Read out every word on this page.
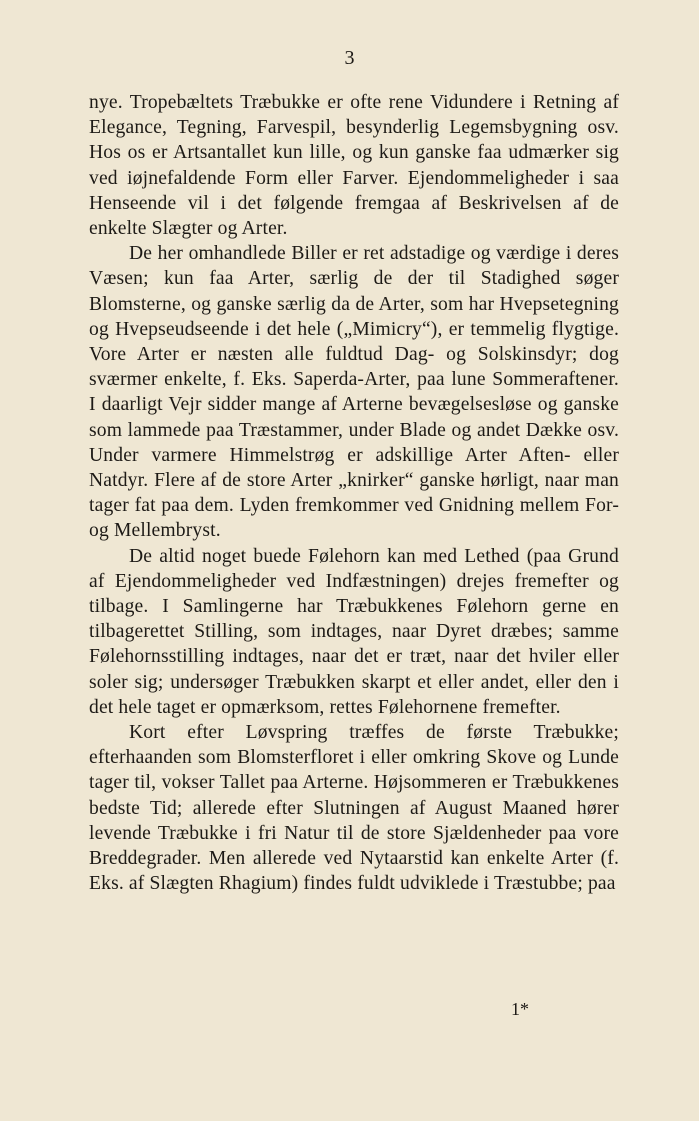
3

nye. Tropebæltets Træbukke er ofte rene Vidundere i Retning af Elegance, Tegning, Farvespil, besynderlig Legemsbygning osv. Hos os er Artsantallet kun lille, og kun ganske faa udmærker sig ved iøjnefaldende Form eller Farver. Ejendommeligheder i saa Henseende vil i det følgende fremgaa af Beskrivelsen af de enkelte Slægter og Arter.

De her omhandlede Biller er ret adstadige og værdige i deres Væsen; kun faa Arter, særlig de der til Stadighed søger Blomsterne, og ganske særlig da de Arter, som har Hvepsetegning og Hvepseudseende i det hele („Mimicry“), er temmelig flygtige. Vore Arter er næsten alle fuldtud Dag- og Solskinsdyr; dog sværmer enkelte, f. Eks. Saperda-Arter, paa lune Sommeraftener. I daarligt Vejr sidder mange af Arterne bevægelsesløse og ganske som lammede paa Træstammer, under Blade og andet Dække osv. Under varmere Himmelstrøg er adskillige Arter Aften- eller Natdyr. Flere af de store Arter „knirker“ ganske hørligt, naar man tager fat paa dem. Lyden fremkommer ved Gnidning mellem For- og Mellembryst.

De altid noget buede Følehorn kan med Lethed (paa Grund af Ejendommeligheder ved Indfæstningen) drejes fremefter og tilbage. I Samlingerne har Træbukkenes Følehorn gerne en tilbagerettet Stilling, som indtages, naar Dyret dræbes; samme Følehornsstilling indtages, naar det er træt, naar det hviler eller soler sig; undersøger Træbukken skarpt et eller andet, eller den i det hele taget er opmærksom, rettes Følehornene fremefter.

Kort efter Løvspring træffes de første Træbukke; efterhaanden som Blomsterfloret i eller omkring Skove og Lunde tager til, vokser Tallet paa Arterne. Højsommeren er Træbukkenes bedste Tid; allerede efter Slutningen af August Maaned hører levende Træbukke i fri Natur til de store Sjældenheder paa vore Breddegrader. Men allerede ved Nytaarstid kan enkelte Arter (f. Eks. af Slægten Rhagium) findes fuldt udviklede i Træstubbe; paa

1*
